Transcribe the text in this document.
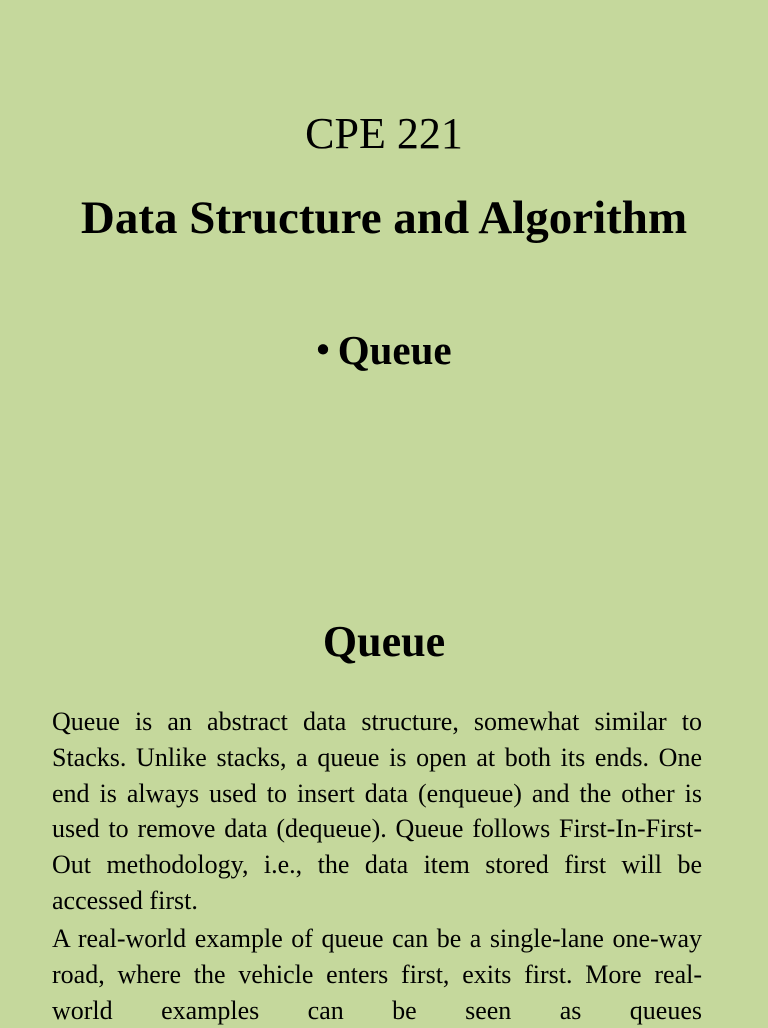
CPE 221
Data Structure and Algorithm
• Queue
Queue

Queue is an abstract data structure, somewhat similar to Stacks. Unlike stacks, a queue is open at both its ends. One end is always used to insert data (enqueue) and the other is used to remove data (dequeue). Queue follows First-In-First-Out methodology, i.e., the data item stored first will be accessed first.

A real-world example of queue can be a single-lane one-way road, where the vehicle enters first, exits first. More real-world examples can be seen as queues
